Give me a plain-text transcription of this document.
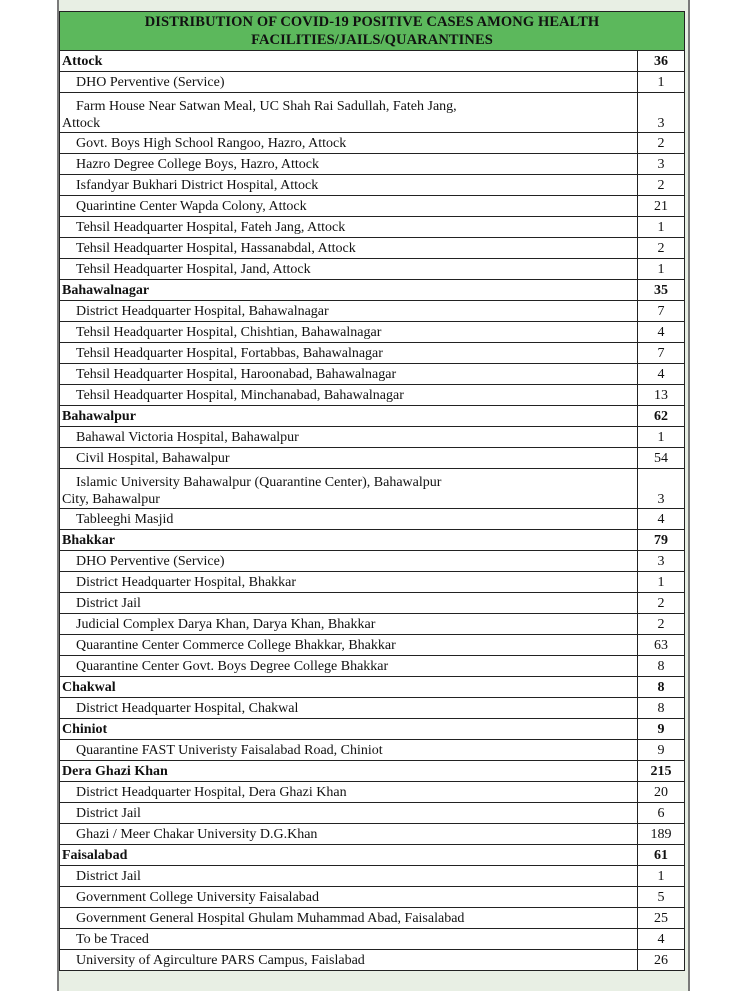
DISTRIBUTION OF COVID-19 POSITIVE CASES AMONG HEALTH FACILITIES/JAILS/QUARANTINES	
Attock	36
DHO Perventive (Service)	1

Farm House Near Satwan Meal, UC Shah Rai Sadullah, Fateh Jang,
Attock	3
Govt. Boys High School Rangoo, Hazro, Attock	2
Hazro Degree College Boys, Hazro, Attock	3
Isfandyar Bukhari District Hospital, Attock	2
Quarintine Center Wapda Colony, Attock	21
Tehsil Headquarter Hospital, Fateh Jang, Attock	1
Tehsil Headquarter Hospital, Hassanabdal, Attock	2
Tehsil Headquarter Hospital, Jand, Attock	1
Bahawalnagar	35
District Headquarter Hospital, Bahawalnagar	7
Tehsil Headquarter Hospital, Chishtian, Bahawalnagar	4
Tehsil Headquarter Hospital, Fortabbas, Bahawalnagar	7
Tehsil Headquarter Hospital, Haroonabad, Bahawalnagar	4
Tehsil Headquarter Hospital, Minchanabad, Bahawalnagar	13
Bahawalpur	62
Bahawal Victoria Hospital, Bahawalpur	1
Civil Hospital, Bahawalpur	54

Islamic University Bahawalpur (Quarantine Center), Bahawalpur
City, Bahawalpur	3
Tableeghi Masjid	4
Bhakkar	79
DHO Perventive (Service)	3
District Headquarter Hospital, Bhakkar	1
District Jail	2
Judicial Complex Darya Khan, Darya Khan, Bhakkar	2
Quarantine Center Commerce College Bhakkar, Bhakkar	63
Quarantine Center Govt. Boys Degree College Bhakkar	8
Chakwal	8
District Headquarter Hospital, Chakwal	8
Chiniot	9
Quarantine FAST Univeristy Faisalabad Road, Chiniot	9
Dera Ghazi Khan	215
District Headquarter Hospital, Dera Ghazi Khan	20
District Jail	6
Ghazi / Meer Chakar University D.G.Khan	189
Faisalabad	61
District Jail	1
Government College University Faisalabad	5
Government General Hospital Ghulam Muhammad Abad, Faisalabad	25
To be Traced	4
University of Agirculture PARS Campus, Faislabad	26
